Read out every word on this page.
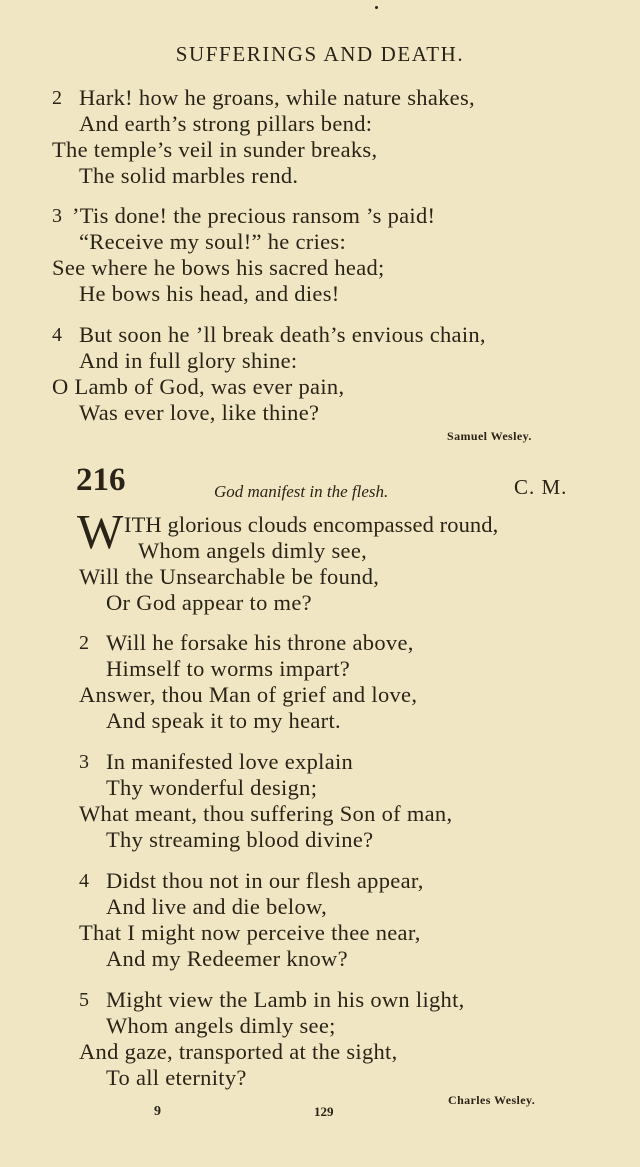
SUFFERINGS AND DEATH.
2 Hark! how he groans, while nature shakes,
And earth’s strong pillars bend:
The temple’s veil in sunder breaks,
The solid marbles rend.
3 ’Tis done! the precious ransom ’s paid!
“Receive my soul!” he cries:
See where he bows his sacred head;
He bows his head, and dies!
4 But soon he ’ll break death’s envious chain,
And in full glory shine:
O Lamb of God, was ever pain,
Was ever love, like thine?
Samuel Wesley.
216	God manifest in the flesh.	C. M.
W ITH glorious clouds encompassed round,
Whom angels dimly see,
Will the Unsearchable be found,
Or God appear to me?
2 Will he forsake his throne above,
Himself to worms impart?
Answer, thou Man of grief and love,
And speak it to my heart.
3 In manifested love explain
Thy wonderful design;
What meant, thou suffering Son of man,
Thy streaming blood divine?
4 Didst thou not in our flesh appear,
And live and die below,
That I might now perceive thee near,
And my Redeemer know?
5 Might view the Lamb in his own light,
Whom angels dimly see;
And gaze, transported at the sight,
To all eternity?
Charles Wesley.
9	129
